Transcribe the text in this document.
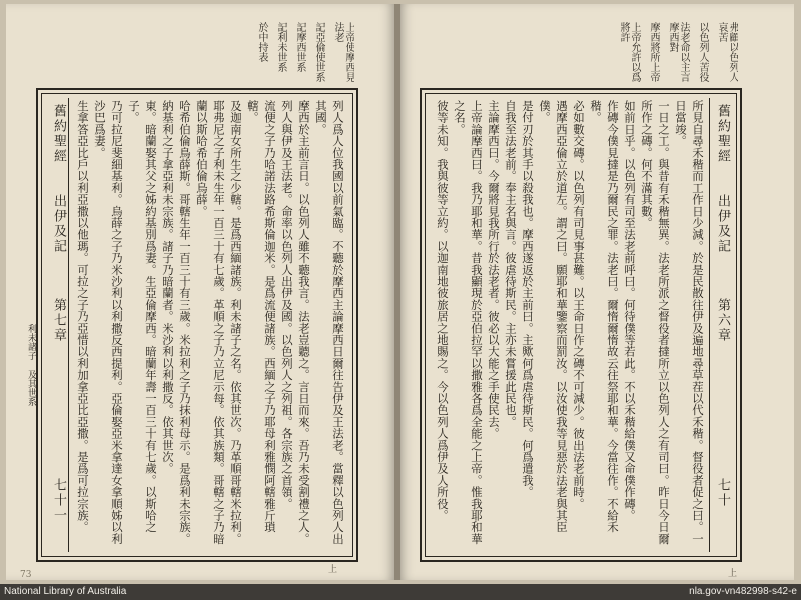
上帝使摩西見法老 記亞倫使世系 記摩西世系 記利未世系 於中持表
利未諸子 及其世系
舊約聖經
出伊及記
第七章
七十一	列人爲人位我國以前氣臨。不聽於摩西主論摩西日爾往告伊及王法老。當釋以色列人出其國。

摩西於主前言日。以色列人雖不聽我言。法老豈聽之。言日而來。吾乃未受割禮之人。

列人與伊及王法老。命率以色列人出伊及國。以色列人之列祖。各宗族之首領。

流便之子乃哈諾法路希斯倫迦米。是爲流便諸族。西緬之子乃耶母利雅憫阿轄雅斤瑣轄。

及迦南女所生之少轄。是爲西緬諸族。利未諸子之名。依其世次。乃革順哥轄米拉利。

耶弗尼之子利未生年一百三十有七歲。革順之子乃立尼示每。依其族類。哥轄之子乃暗蘭以斯哈希伯倫烏薛。

哈希伯倫鳥薛斯。哥轄生年一百三十有三歲。米拉利之子乃抹利母示。是爲利未宗族。

納基利之子拿亞利未宗族。諸子乃暗蘭者。米沙利以利撒反。依其世次。

東。暗蘭娶其父之姊約基別爲妻。生亞倫摩西。暗蘭年壽一百三十有七歲。以斯哈之子。

乃可拉尼斐細基利。烏薛之子乃米沙利以利撒反西提利。亞倫娶亞米拿達女拿順姊以利沙巴爲妻。

生拿答亞比戶以利亞撒以他瑪。可拉之子乃亞惜以利加拿亞比亞撒。是爲可拉宗族。

上
73
弗顧以色列人哀苦 以色列人苦役 法老命以主言摩西對 摩西將所上帝 上帝允許以爲將許
舊約聖經
出伊及記
第六章
七十

所見自尋禾稭而工作日少減。於是民散往伊及遍地尋草茬以代禾稭。督役者促之曰。一日當竣。

一日之工。與昔有禾稭無異。法老所派之督役者撻所立以色列人之有司曰。昨日今日爾所作之磚。何不滿其數。

如前日乎。以色列有司至法老前呼曰。何待僕等若此。不以禾稭給僕又命僕作磚。

作磚今僕見撻是乃爾民之罪。法老曰。爾惰爾惰故云往祭耶和華。今當往作。不給禾稭。

必如數交磚。以色列有司見事甚難。以王命日作之磚不可減少。彼出法老前時。

遇摩西亞倫立於道左。謂之曰。願耶和華鑒察而罰汝。以汝使我等見惡於法老與其臣僕。

是付刃於其手以殺我也。摩西遂返於主前曰。主歟何爲虐待斯民。何爲遣我。

自我至法老前。奉主名與言。彼虐待斯民。主亦未嘗援此民也。

主論摩西曰。今爾將見我所行於法老者。彼必以大能之手使民去。

上帝論摩西曰。我乃耶和華。昔我顯現於亞伯拉罕以撒雅各爲全能之上帝。惟我耶和華之名。

彼等未知。我與彼等立約。以迦南地彼旅居之地賜之。今以色列人爲伊及人所役。

上
National Library of Australia	nla.gov-vn482998-s42-e
